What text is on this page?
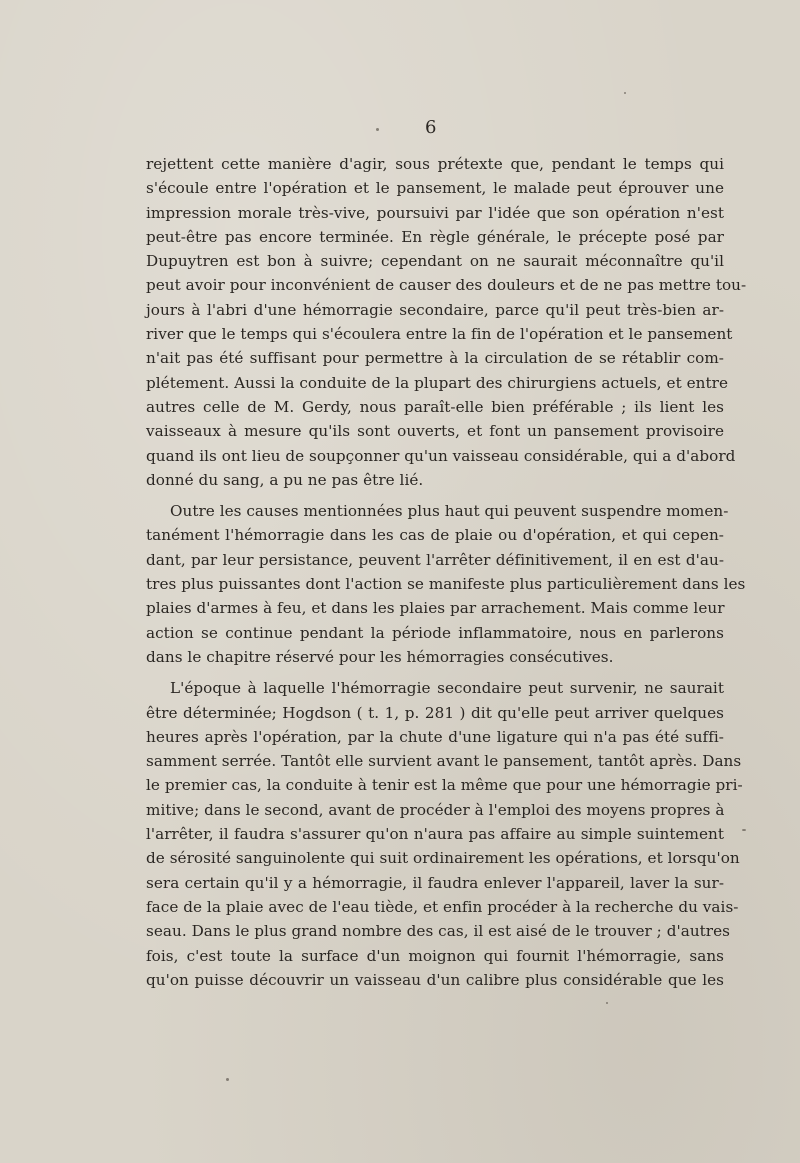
6
rejettent cette manière d'agir, sous prétexte que, pendant le temps qui
s'écoule entre l'opération et le pansement, le malade peut éprouver une
impression morale très-vive, poursuivi par l'idée que son opération n'est
peut-être pas encore terminée. En règle générale, le précepte posé par
Dupuytren est bon à suivre; cependant on ne saurait méconnaître qu'il
peut avoir pour inconvénient de causer des douleurs et de ne pas mettre tou-
jours à l'abri d'une hémorragie secondaire, parce qu'il peut très-bien ar-
river que le temps qui s'écoulera entre la fin de l'opération et le pansement
n'ait pas été suffisant pour permettre à la circulation de se rétablir com-
plétement. Aussi la conduite de la plupart des chirurgiens actuels, et entre
autres celle de M. Gerdy, nous paraît-elle bien préférable ; ils lient les
vaisseaux à mesure qu'ils sont ouverts, et font un pansement provisoire
quand ils ont lieu de soupçonner qu'un vaisseau considérable, qui a d'abord
donné du sang, a pu ne pas être lié.
Outre les causes mentionnées plus haut qui peuvent suspendre momen-
tanément l'hémorragie dans les cas de plaie ou d'opération, et qui cepen-
dant, par leur persistance, peuvent l'arrêter définitivement, il en est d'au-
tres plus puissantes dont l'action se manifeste plus particulièrement dans les
plaies d'armes à feu, et dans les plaies par arrachement. Mais comme leur
action se continue pendant la période inflammatoire, nous en parlerons
dans le chapitre réservé pour les hémorragies consécutives.
L'époque à laquelle l'hémorragie secondaire peut survenir, ne saurait
être déterminée; Hogdson ( t. 1, p. 281 ) dit qu'elle peut arriver quelques
heures après l'opération, par la chute d'une ligature qui n'a pas été suffi-
samment serrée. Tantôt elle survient avant le pansement, tantôt après. Dans
le premier cas, la conduite à tenir est la même que pour une hémorragie pri-
mitive; dans le second, avant de procéder à l'emploi des moyens propres à
l'arrêter, il faudra s'assurer qu'on n'aura pas affaire au simple suintement
de sérosité sanguinolente qui suit ordinairement les opérations, et lorsqu'on
sera certain qu'il y a hémorragie, il faudra enlever l'appareil, laver la sur-
face de la plaie avec de l'eau tiède, et enfin procéder à la recherche du vais-
seau. Dans le plus grand nombre des cas, il est aisé de le trouver ; d'autres
fois, c'est toute la surface d'un moignon qui fournit l'hémorragie, sans
qu'on puisse découvrir un vaisseau d'un calibre plus considérable que les
